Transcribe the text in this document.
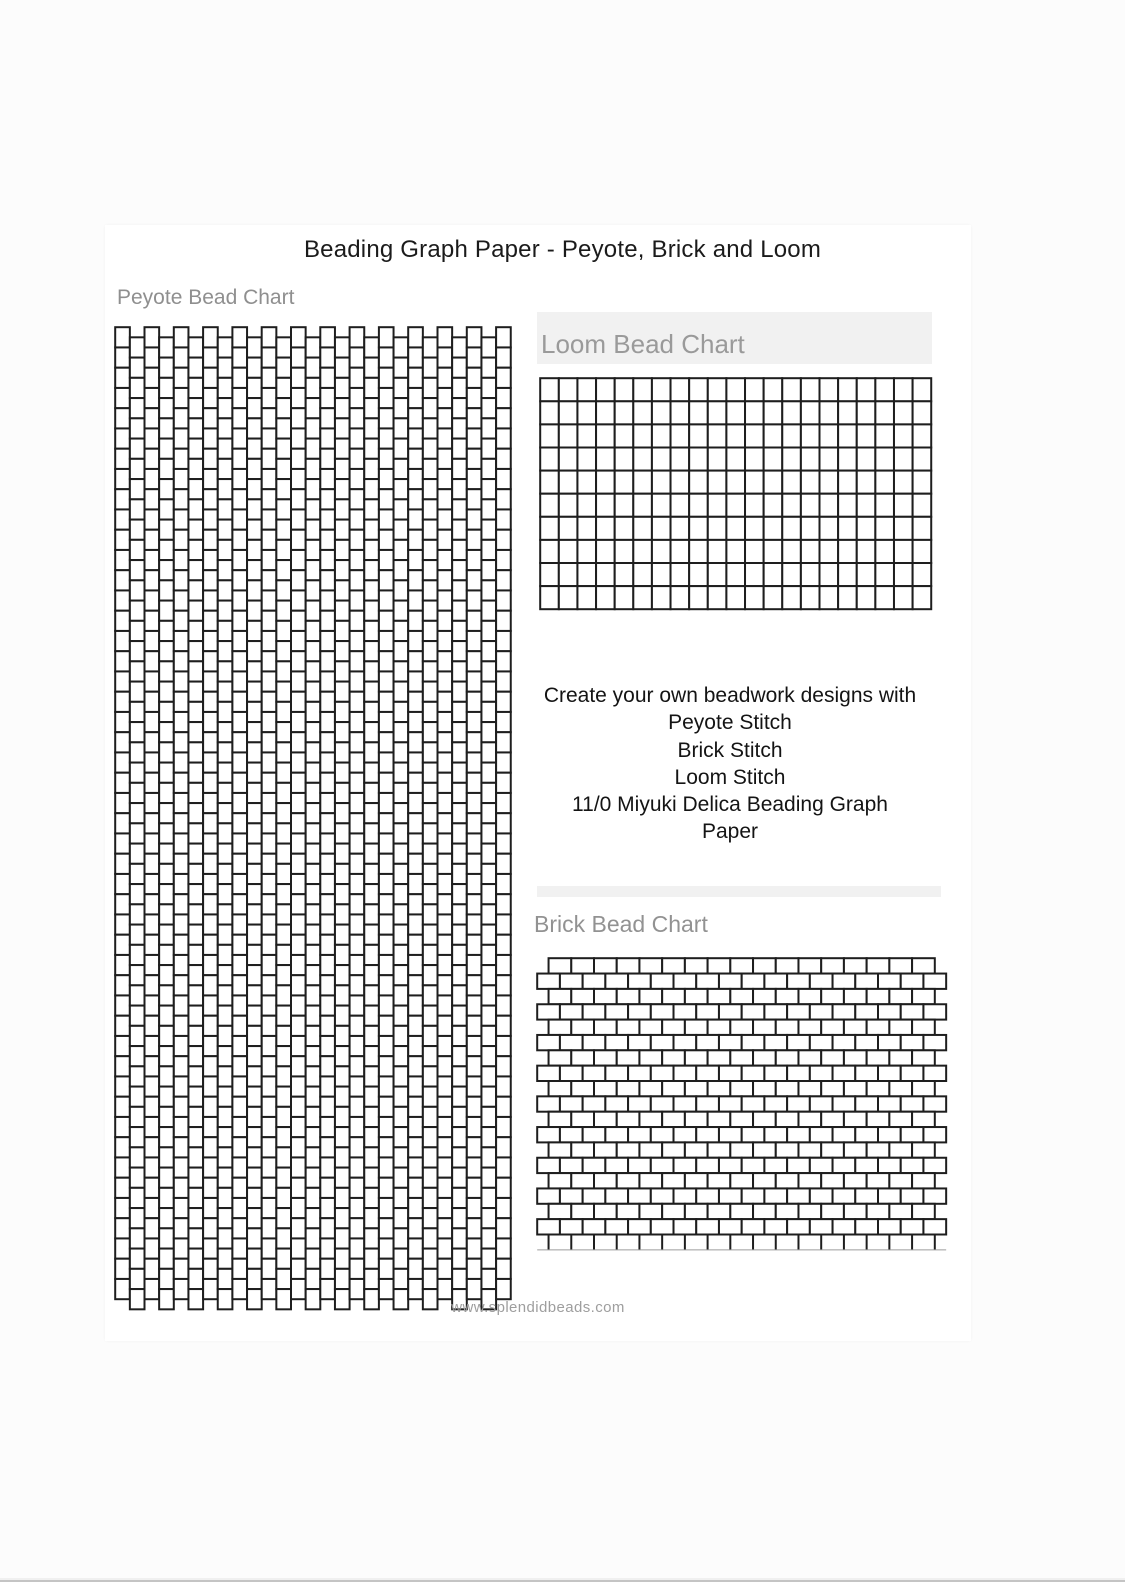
Beading Graph Paper - Peyote, Brick and Loom
Peyote Bead Chart
Loom Bead Chart
Create your own beadwork designs with
Peyote Stitch
Brick Stitch
Loom Stitch
11/0 Miyuki Delica Beading Graph
Paper
Brick Bead Chart
www.splendidbeads.com
